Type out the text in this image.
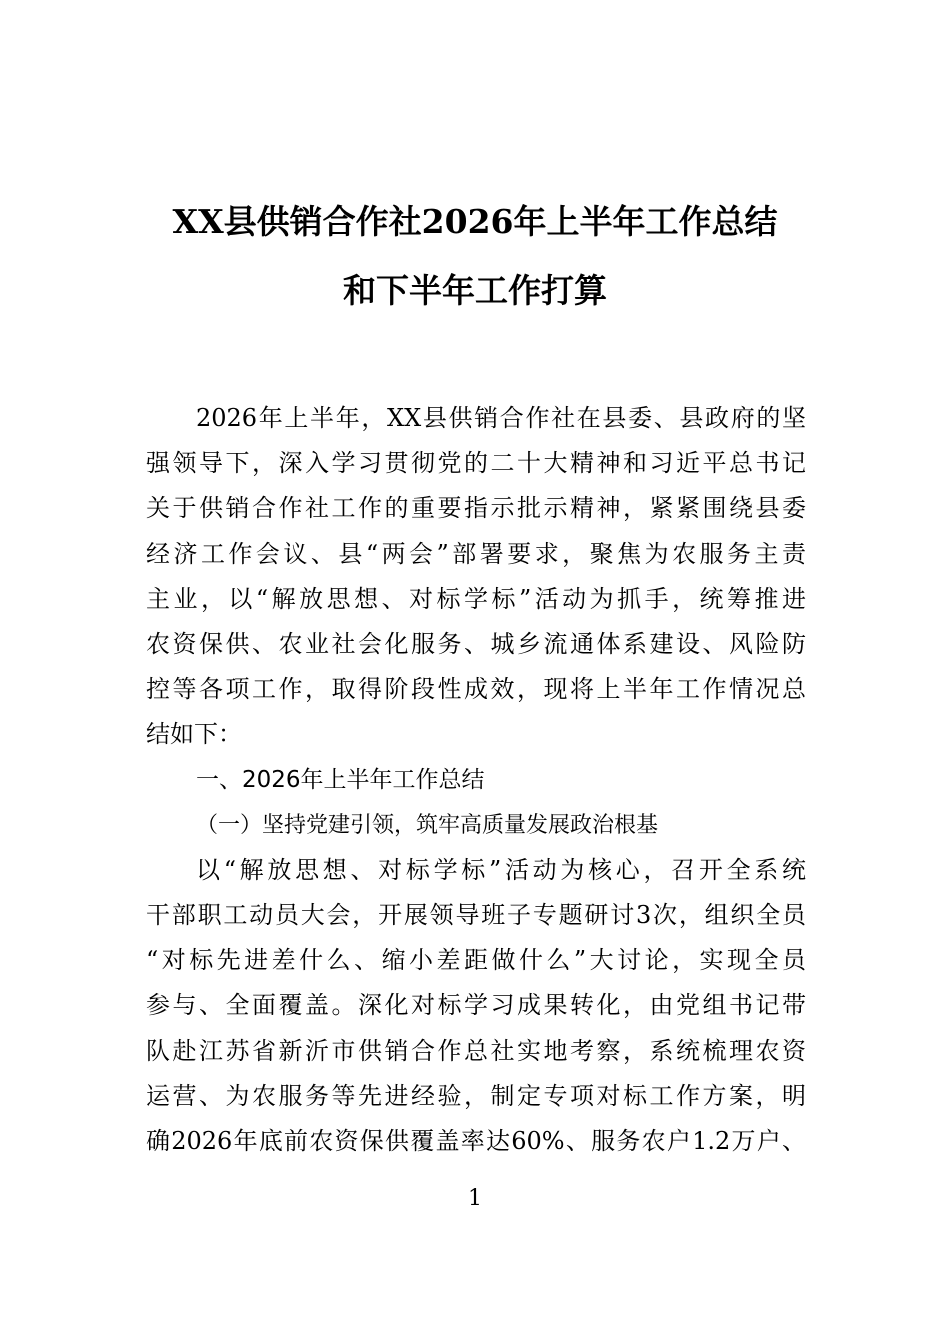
XX县供销合作社2026年上半年工作总结
和下半年工作打算
2026年上半年，XX县供销合作社在县委、县政府的坚
强领导下，深入学习贯彻党的二十大精神和习近平总书记
关于供销合作社工作的重要指示批示精神，紧紧围绕县委
经济工作会议、县“两会”部署要求，聚焦为农服务主责
主业，以“解放思想、对标学标”活动为抓手，统筹推进
农资保供、农业社会化服务、城乡流通体系建设、风险防
控等各项工作，取得阶段性成效，现将上半年工作情况总
结如下：
一、2026年上半年工作总结
（一）坚持党建引领，筑牢高质量发展政治根基
以“解放思想、对标学标”活动为核心，召开全系统
干部职工动员大会，开展领导班子专题研讨3次，组织全员
“对标先进差什么、缩小差距做什么”大讨论，实现全员
参与、全面覆盖。深化对标学习成果转化，由党组书记带
队赴江苏省新沂市供销合作总社实地考察，系统梳理农资
运营、为农服务等先进经验，制定专项对标工作方案，明
确2026年底前农资保供覆盖率达60%、服务农户1.2万户、
1
